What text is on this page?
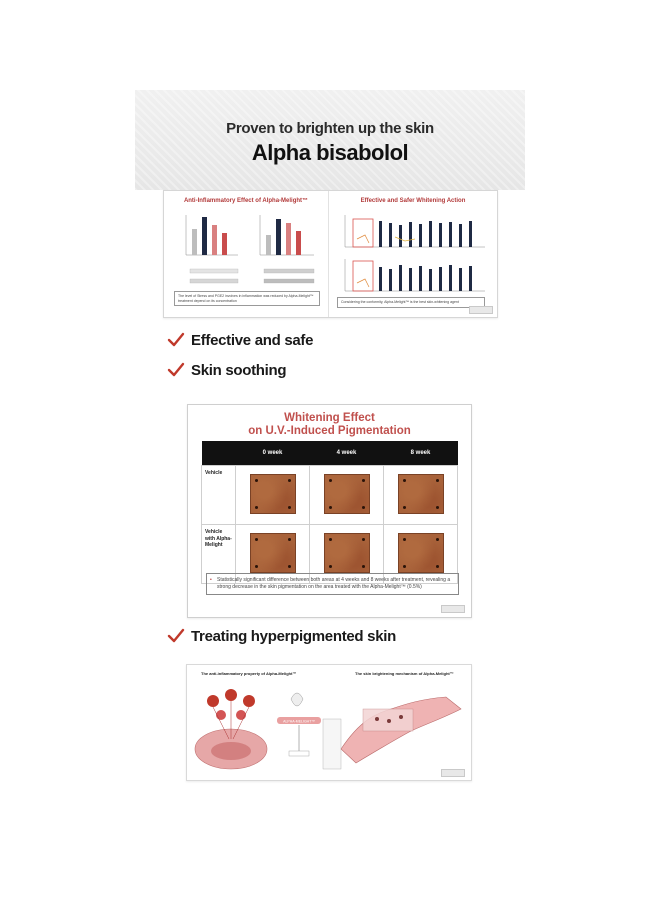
Proven to brighten up the skin
Alpha bisabolol
Anti-Inflammatory Effect of Alpha-Melight™
The level of Stress and PGE2 involves in inflammation was reduced by Alpha-Melight™ treatment depend on its concentration
Effective and Safer Whitening Action
Considering the conformity, Alpha-Melight™ is the best skin-whitening agent
Effective and safe
Skin soothing
Whitening Effect
on U.V.-Induced Pigmentation
	0 week	4 week	8 week

Vehicle			

Vehicle
with Alpha-Melight			

• Statistically significant difference between both areas at 4 weeks and 8 weeks after treatment, revealing a strong decrease in the skin pigmentation on the area treated with the Alpha-Melight™ (0.5%)
Treating hyperpigmented skin
The anti-inflammatory property of Alpha-Melight™	The skin brightening mechanism of Alpha-Melight™
ALPHA-MELIGHT™
